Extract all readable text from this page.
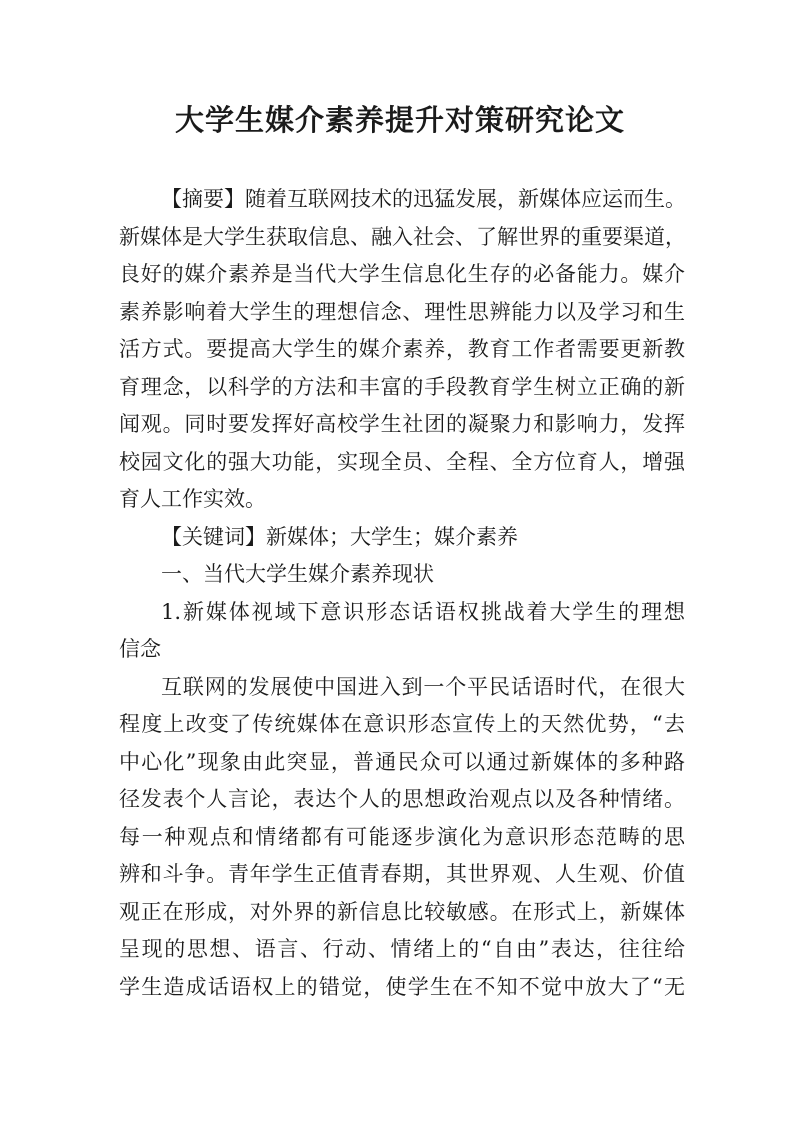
大学生媒介素养提升对策研究论文
【摘要】随着互联网技术的迅猛发展，新媒体应运而生。
新媒体是大学生获取信息、融入社会、了解世界的重要渠道，
良好的媒介素养是当代大学生信息化生存的必备能力。媒介
素养影响着大学生的理想信念、理性思辨能力以及学习和生
活方式。要提高大学生的媒介素养，教育工作者需要更新教
育理念，以科学的方法和丰富的手段教育学生树立正确的新
闻观。同时要发挥好高校学生社团的凝聚力和影响力，发挥
校园文化的强大功能，实现全员、全程、全方位育人，增强
育人工作实效。
【关键词】新媒体；大学生；媒介素养
一、当代大学生媒介素养现状
1.新媒体视域下意识形态话语权挑战着大学生的理想
信念
互联网的发展使中国进入到一个平民话语时代，在很大
程度上改变了传统媒体在意识形态宣传上的天然优势，“去
中心化”现象由此突显，普通民众可以通过新媒体的多种路
径发表个人言论，表达个人的思想政治观点以及各种情绪。
每一种观点和情绪都有可能逐步演化为意识形态范畴的思
辨和斗争。青年学生正值青春期，其世界观、人生观、价值
观正在形成，对外界的新信息比较敏感。在形式上，新媒体
呈现的思想、语言、行动、情绪上的“自由”表达，往往给
学生造成话语权上的错觉，使学生在不知不觉中放大了“无
